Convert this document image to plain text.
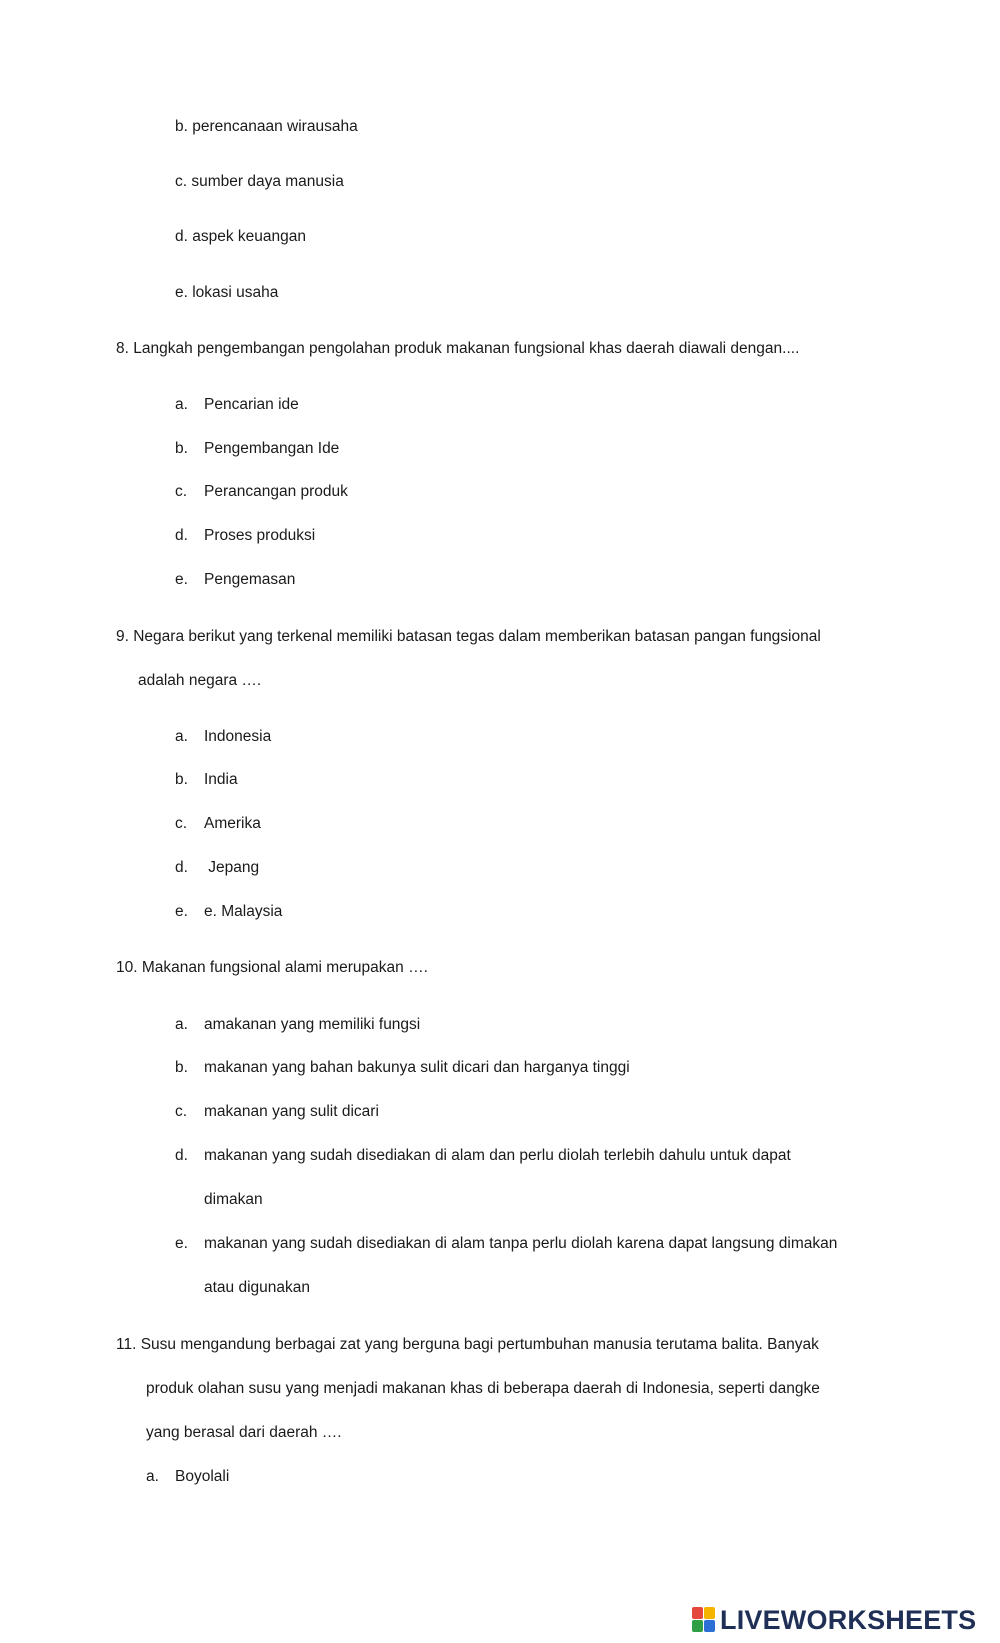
b. perencanaan wirausaha
c. sumber daya manusia
d. aspek keuangan
e. lokasi usaha
8. Langkah pengembangan pengolahan produk makanan fungsional khas daerah diawali dengan....
a. Pencarian ide
b. Pengembangan Ide
c. Perancangan produk
d. Proses produksi
e. Pengemasan
9. Negara berikut yang terkenal memiliki batasan tegas dalam memberikan batasan pangan fungsional
adalah negara ….
a. Indonesia
b. India
c. Amerika
d. Jepang
e. e. Malaysia
10. Makanan fungsional alami merupakan ….
a. amakanan yang memiliki fungsi
b. makanan yang bahan bakunya sulit dicari dan harganya tinggi
c. makanan yang sulit dicari
d. makanan yang sudah disediakan di alam dan perlu diolah terlebih dahulu untuk dapat
dimakan
e. makanan yang sudah disediakan di alam tanpa perlu diolah karena dapat langsung dimakan
atau digunakan
11. Susu mengandung berbagai zat yang berguna bagi pertumbuhan manusia terutama balita. Banyak
produk olahan susu yang menjadi makanan khas di beberapa daerah di Indonesia, seperti dangke
yang berasal dari daerah ….
a. Boyolali
LIVEWORKSHEETS
